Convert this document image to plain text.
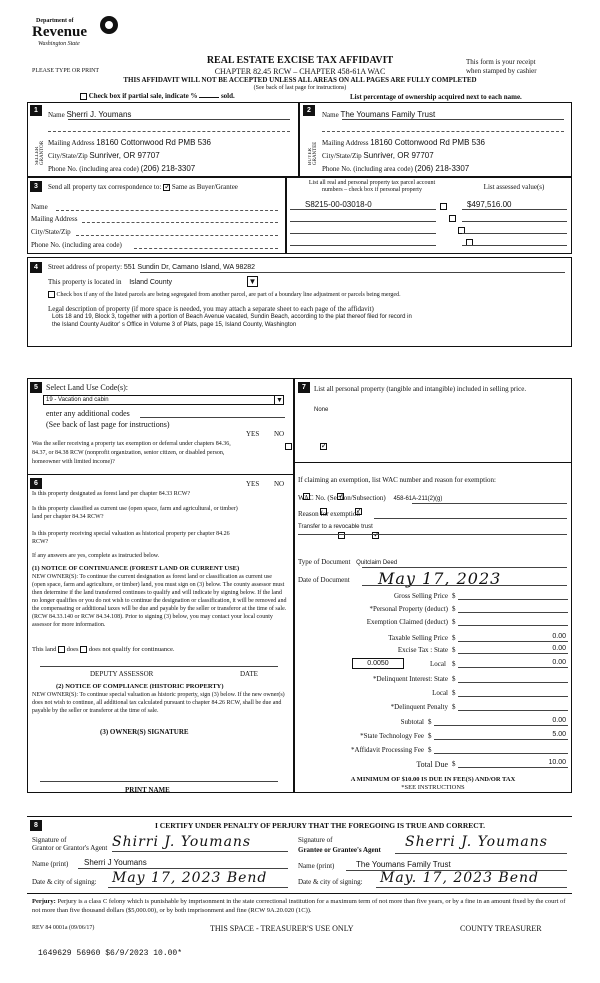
Department of
Revenue
Washington State
PLEASE TYPE OR PRINT
REAL ESTATE EXCISE TAX AFFIDAVIT
CHAPTER 82.45 RCW – CHAPTER 458-61A WAC
This form is your receipt
when stamped by cashier
THIS AFFIDAVIT WILL NOT BE ACCEPTED UNLESS ALL AREAS ON ALL PAGES ARE FULLY COMPLETED
(See back of last page for instructions)
Check box if partial sale, indicate %	sold.	List percentage of ownership acquired next to each name.
1
SELLER GRANTOR
Name Sherri J. Youmans
Mailing Address 18160 Cottonwood Rd PMB 536
City/State/Zip Sunriver, OR 97707
Phone No. (including area code) (206) 218-3307
2
BUYER GRANTEE
Name The Youmans Family Trust
Mailing Address 18160 Cottonwood Rd PMB 536
City/State/Zip Sunriver, OR 97707
Phone No. (including area code) (206) 218-3307
3	Send all property tax correspondence to: ✓ Same as Buyer/Grantee
Name
Mailing Address
City/State/Zip
Phone No. (including area code)
List all real and personal property tax parcel account
numbers – check box if personal property	List assessed value(s)
S8215-00-03018-0
	$497,516.00

4	Street address of property: 551 Sundin Dr, Camano Island, WA 98282
This property is located in Island County	▼
Check box if any of the listed parcels are being segregated from another parcel, are part of a boundary line adjustment or parcels being merged.
Legal description of property (if more space is needed, you may attach a separate sheet to each page of the affidavit)
Lots 18 and 19, Block 3, together with a portion of Beach Avenue vacated, Sundin Beach, according to the plat thereof filed for record in
the Island County Auditor' s Office in Volume 3 of Plats, page 15, Island County, Washington
5	Select Land Use Code(s):
19 - Vacation and cabin	▼
enter any additional codes
(See back of last page for instructions)
YES NO
Was the seller receiving a property tax exemption or deferral under chapters 84.36, 84.37, or 84.38 RCW (nonprofit organization, senior citizen, or disabled person, homeowner with limited income)?
✓
6	YES NO
Is this property designated as forest land per chapter 84.33 RCW?
✓
Is this property classified as current use (open space, farm and agricultural, or timber) land per chapter 84.34 RCW?
✓
Is this property receiving special valuation as historical property per chapter 84.26 RCW?
✓
If any answers are yes, complete as instructed below.
(1) NOTICE OF CONTINUANCE (FOREST LAND OR CURRENT USE)
NEW OWNER(S): To continue the current designation as forest land or classification as current use (open space, farm and agriculture, or timber) land, you must sign on (3) below. The county assessor must then determine if the land transferred continues to qualify and will indicate by signing below. If the land no longer qualifies or you do not wish to continue the designation or classification, it will be removed and the compensating or additional taxes will be due and payable by the seller or transferor at the time of sale. (RCW 84.33.140 or RCW 84.34.108). Prior to signing (3) below, you may contact your local county assessor for more information.
This land does does not qualify for continuance.
DEPUTY ASSESSOR	DATE
(2) NOTICE OF COMPLIANCE (HISTORIC PROPERTY)
NEW OWNER(S): To continue special valuation as historic property, sign (3) below. If the new owner(s) does not wish to continue, all additional tax calculated pursuant to chapter 84.26 RCW, shall be due and payable by the seller or transferor at the time of sale.
(3) OWNER(S) SIGNATURE
PRINT NAME
7	List all personal property (tangible and intangible) included in selling price.
None
If claiming an exemption, list WAC number and reason for exemption:
WAC No. (Section/Subsection) 458-61A-211(2)(g)
Reason for exemption
Transfer to a revocable trust
Type of Document Quitclaim Deed
Date of Document May 17, 2023
Gross Selling Price $
*Personal Property (deduct) $
Exemption Claimed (deduct) $
Taxable Selling Price $	0.00
Excise Tax : State $	0.00
0.0050	Local $	0.00
*Delinquent Interest: State $
Local $
*Delinquent Penalty $
Subtotal $	0.00
*State Technology Fee $	5.00
*Affidavit Processing Fee $
Total Due $	10.00
A MINIMUM OF $10.00 IS DUE IN FEE(S) AND/OR TAX
*SEE INSTRUCTIONS
8	I CERTIFY UNDER PENALTY OF PERJURY THAT THE FOREGOING IS TRUE AND CORRECT.
Signature of
Grantor or Grantor's Agent Shirri J. Youmans
Name (print) Sherri J Youmans
Date & city of signing: May 17, 2023 Bend
Signature of
Grantee or Grantee's Agent Sherri J. Youmans
Name (print)	The Youmans Family Trust
Date & city of signing: May. 17, 2023 Bend
Perjury: Perjury is a class C felony which is punishable by imprisonment in the state correctional institution for a maximum term of not more than five years, or by a fine in an amount fixed by the court of not more than five thousand dollars ($5,000.00), or by both imprisonment and fine (RCW 9A.20.020 (1C)).
REV 84 0001a (09/06/17)	THIS SPACE - TREASURER'S USE ONLY	COUNTY TREASURER
1649629 56960 $6/9/2023 10.00*
